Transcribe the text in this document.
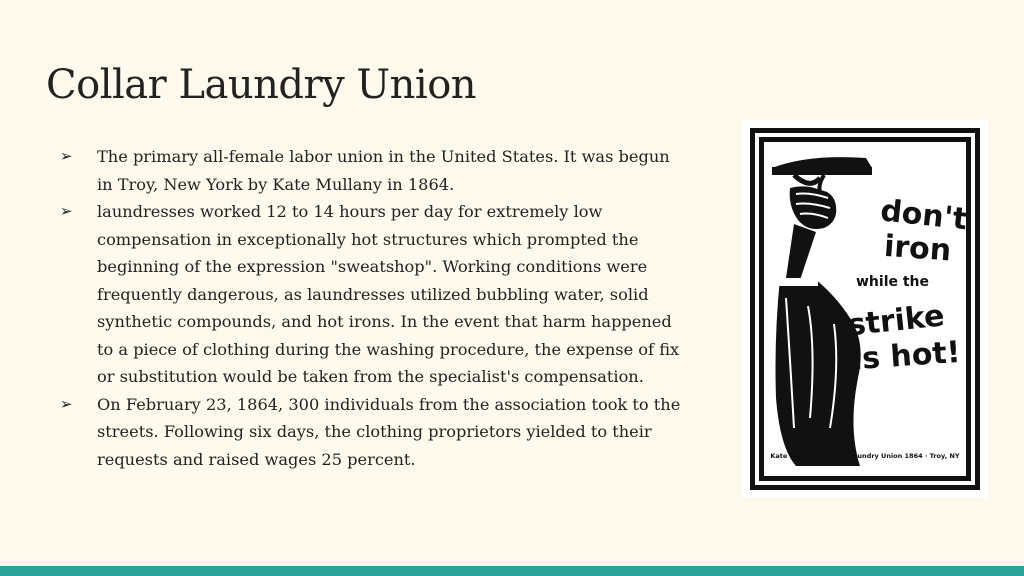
Collar Laundry Union
➢ The primary all-female labor union in the United States. It was begun in Troy, New York by Kate Mullany in 1864.
➢ laundresses worked 12 to 14 hours per day for extremely low compensation in exceptionally hot structures which prompted the beginning of the expression "sweatshop". Working conditions were frequently dangerous, as laundresses utilized bubbling water, solid synthetic compounds, and hot irons. In the event that harm happened to a piece of clothing during the washing procedure, the expense of fix or substitution would be taken from the specialist's compensation.
➢ On February 23, 1864, 300 individuals from the association took to the streets. Following six days, the clothing proprietors yielded to their requests and raised wages 25 percent.
don't
iron
while the
strike
is hot!
Kate Mullany · Collar Laundry Union 1864 · Troy, NY
